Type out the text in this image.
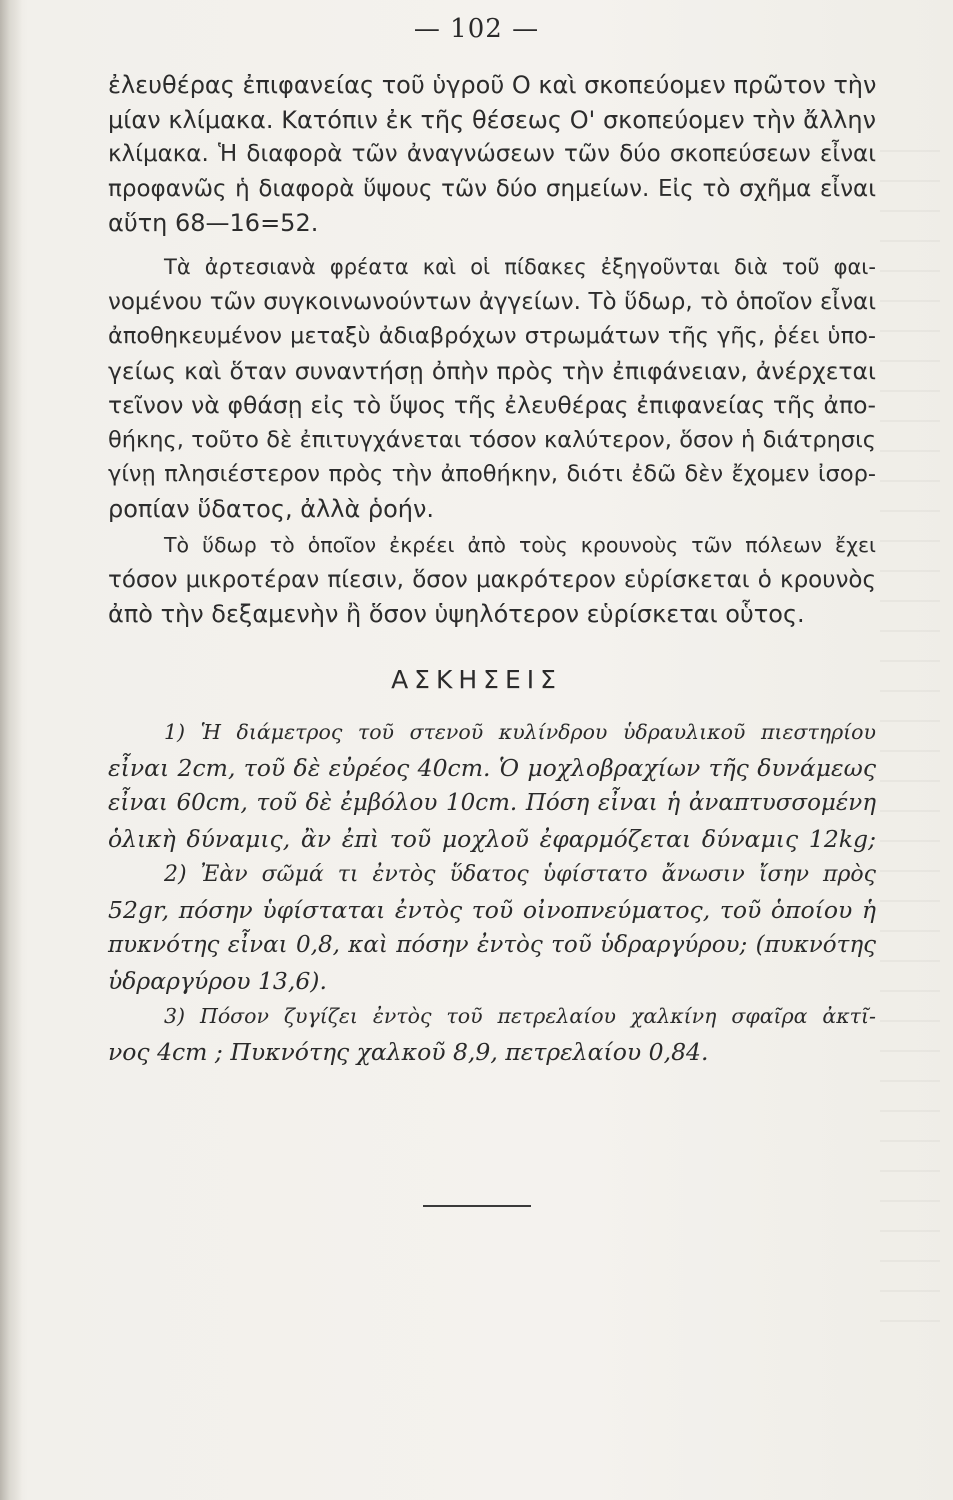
— 102 —
ἐλευθέρας ἐπιφανείας τοῦ ὑγροῦ Ο καὶ σκοπεύομεν πρῶτον τὴν
μίαν κλίμακα. Κατόπιν ἐκ τῆς θέσεως Ο' σκοπεύομεν τὴν ἄλλην
κλίμακα. Ἡ διαφορὰ τῶν ἀναγνώσεων τῶν δύο σκοπεύσεων εἶναι
προφανῶς ἡ διαφορὰ ὕψους τῶν δύο σημείων. Εἰς τὸ σχῆμα εἶναι
αὕτη 68—16=52.
Τὰ ἀρτεσιανὰ φρέατα καὶ οἱ πίδακες ἐξηγοῦνται διὰ τοῦ φαι-
νομένου τῶν συγκοινωνούντων ἀγγείων. Τὸ ὕδωρ, τὸ ὁποῖον εἶναι
ἀποθηκευμένον μεταξὺ ἀδιαβρόχων στρωμάτων τῆς γῆς, ῥέει ὑπο-
γείως καὶ ὅταν συναντήσῃ ὀπὴν πρὸς τὴν ἐπιφάνειαν, ἀνέρχεται
τεῖνον νὰ φθάσῃ εἰς τὸ ὕψος τῆς ἐλευθέρας ἐπιφανείας τῆς ἀπο-
θήκης, τοῦτο δὲ ἐπιτυγχάνεται τόσον καλύτερον, ὅσον ἡ διάτρησις
γίνῃ πλησιέστερον πρὸς τὴν ἀποθήκην, διότι ἐδῶ δὲν ἔχομεν ἰσορ-
ροπίαν ὕδατος, ἀλλὰ ῥοήν.
Τὸ ὕδωρ τὸ ὁποῖον ἐκρέει ἀπὸ τοὺς κρουνοὺς τῶν πόλεων ἔχει
τόσον μικροτέραν πίεσιν, ὅσον μακρότερον εὑρίσκεται ὁ κρουνὸς
ἀπὸ τὴν δεξαμενὴν ἢ ὅσον ὑψηλότερον εὑρίσκεται οὗτος.
ΑΣΚΗΣΕΙΣ
1) Ἡ διάμετρος τοῦ στενοῦ κυλίνδρου ὑδραυλικοῦ πιεστηρίου
εἶναι 2cm, τοῦ δὲ εὐρέος 40cm. Ὁ μοχλοβραχίων τῆς δυνάμεως
εἶναι 60cm, τοῦ δὲ ἐμβόλου 10cm. Πόση εἶναι ἡ ἀναπτυσσομένη
ὁλικὴ δύναμις, ἂν ἐπὶ τοῦ μοχλοῦ ἐφαρμόζεται δύναμις 12kg;
2) Ἐὰν σῶμά τι ἐντὸς ὕδατος ὑφίστατο ἄνωσιν ἴσην πρὸς
52gr, πόσην ὑφίσταται ἐντὸς τοῦ οἰνοπνεύματος, τοῦ ὁποίου ἡ
πυκνότης εἶναι 0,8, καὶ πόσην ἐντὸς τοῦ ὑδραργύρου; (πυκνότης
ὑδραργύρου 13,6).
3) Πόσον ζυγίζει ἐντὸς τοῦ πετρελαίου χαλκίνη σφαῖρα ἀκτῖ-
νος 4cm ; Πυκνότης χαλκοῦ 8,9, πετρελαίου 0,84.
